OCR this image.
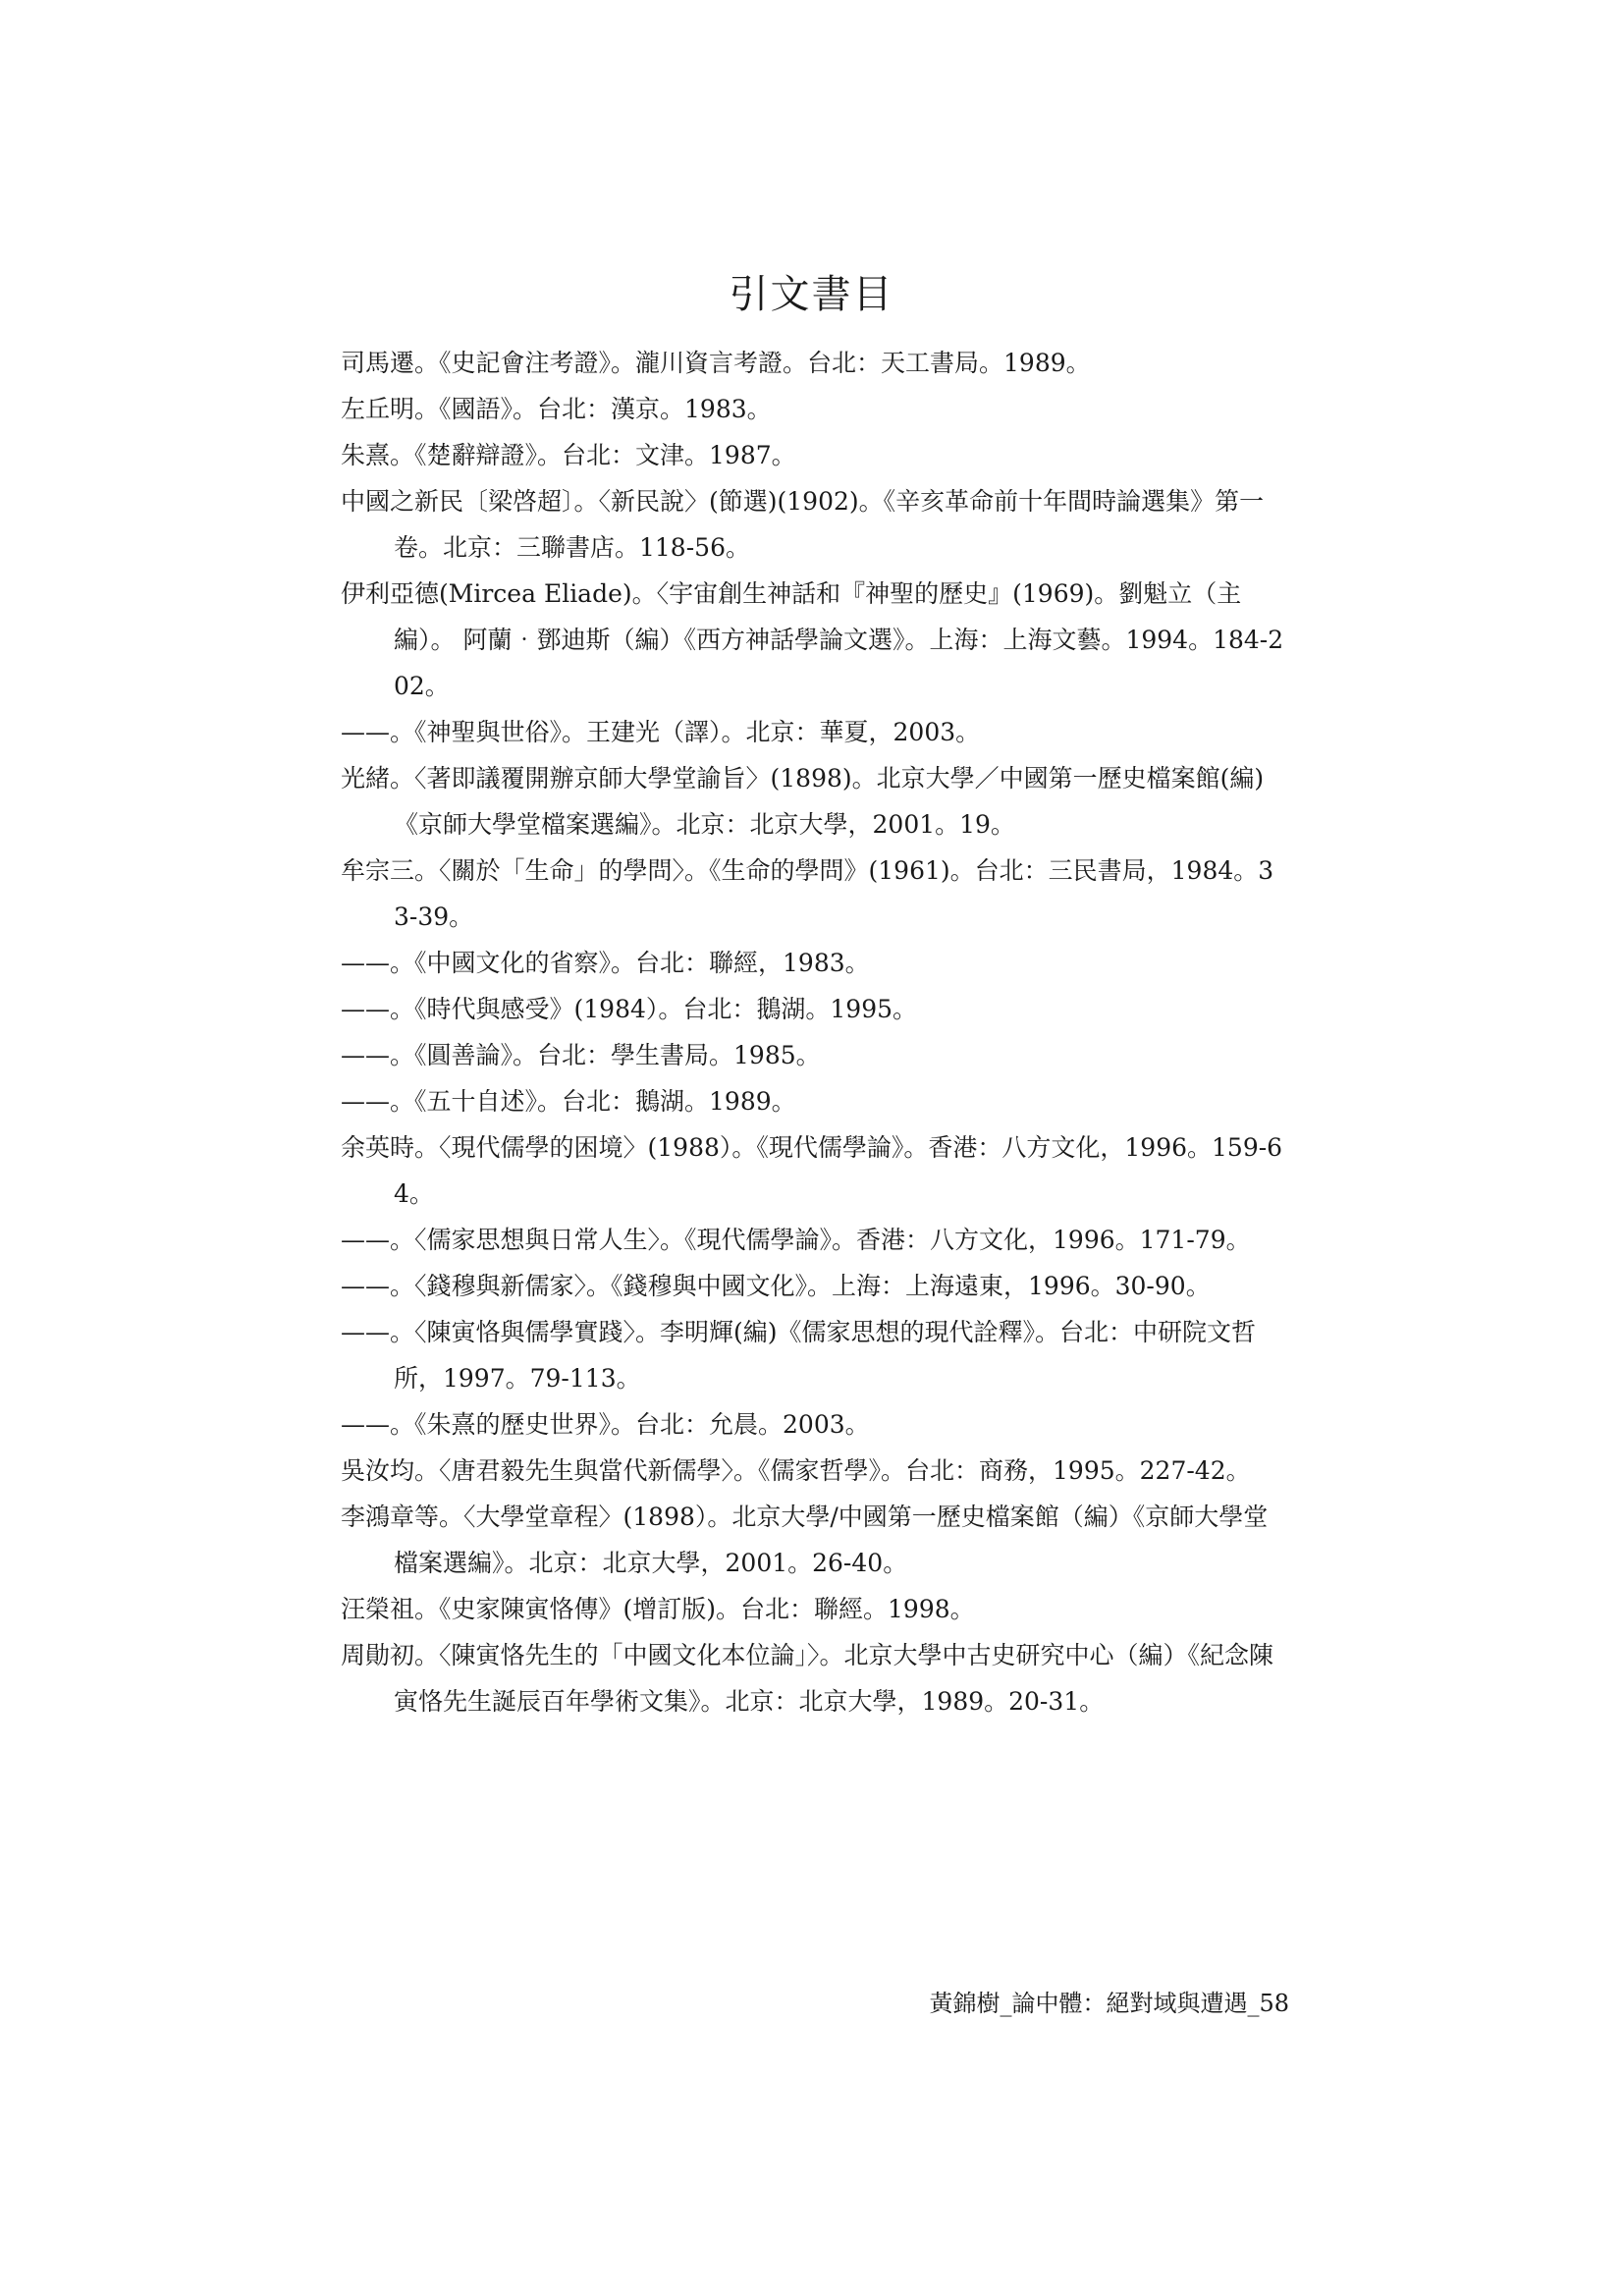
引文書目
司馬遷。《史記會注考證》。瀧川資言考證。台北：天工書局。1989。
左丘明。《國語》。台北：漢京。1983。
朱熹。《楚辭辯證》。台北：文津。1987。
中國之新民〔梁啓超〕。〈新民說〉(節選)(1902)。《辛亥革命前十年間時論選集》第一卷。北京：三聯書店。118-56。
伊利亞德(Mircea Eliade)。〈宇宙創生神話和『神聖的歷史』(1969)。劉魁立（主編）。 阿蘭‧鄧迪斯（編）《西方神話學論文選》。上海：上海文藝。1994。184-202。
——。《神聖與世俗》。王建光（譯）。北京：華夏，2003。
光緒。〈著即議覆開辦京師大學堂諭旨〉(1898)。北京大學／中國第一歷史檔案館(編)《京師大學堂檔案選編》。北京：北京大學，2001。19。
牟宗三。〈關於「生命」的學問〉。《生命的學問》(1961)。台北：三民書局，1984。33-39。
——。《中國文化的省察》。台北：聯經，1983。
——。《時代與感受》(1984）。台北：鵝湖。1995。
——。《圓善論》。台北：學生書局。1985。
——。《五十自述》。台北：鵝湖。1989。
余英時。〈現代儒學的困境〉(1988）。《現代儒學論》。香港：八方文化，1996。159-64。
——。〈儒家思想與日常人生〉。《現代儒學論》。香港：八方文化，1996。171-79。
——。〈錢穆與新儒家〉。《錢穆與中國文化》。上海：上海遠東，1996。30-90。
——。〈陳寅恪與儒學實踐〉。李明輝(編)《儒家思想的現代詮釋》。台北：中研院文哲所，1997。79-113。
——。《朱熹的歷史世界》。台北：允晨。2003。
吳汝均。〈唐君毅先生與當代新儒學〉。《儒家哲學》。台北：商務，1995。227-42。
李鴻章等。〈大學堂章程〉(1898）。北京大學/中國第一歷史檔案館（編）《京師大學堂檔案選編》。北京：北京大學，2001。26-40。
汪榮祖。《史家陳寅恪傳》(增訂版)。台北：聯經。1998。
周勛初。〈陳寅恪先生的「中國文化本位論」〉。北京大學中古史研究中心（編）《紀念陳寅恪先生誕辰百年學術文集》。北京：北京大學，1989。20-31。
黃錦樹_論中體：絕對域與遭遇_58
